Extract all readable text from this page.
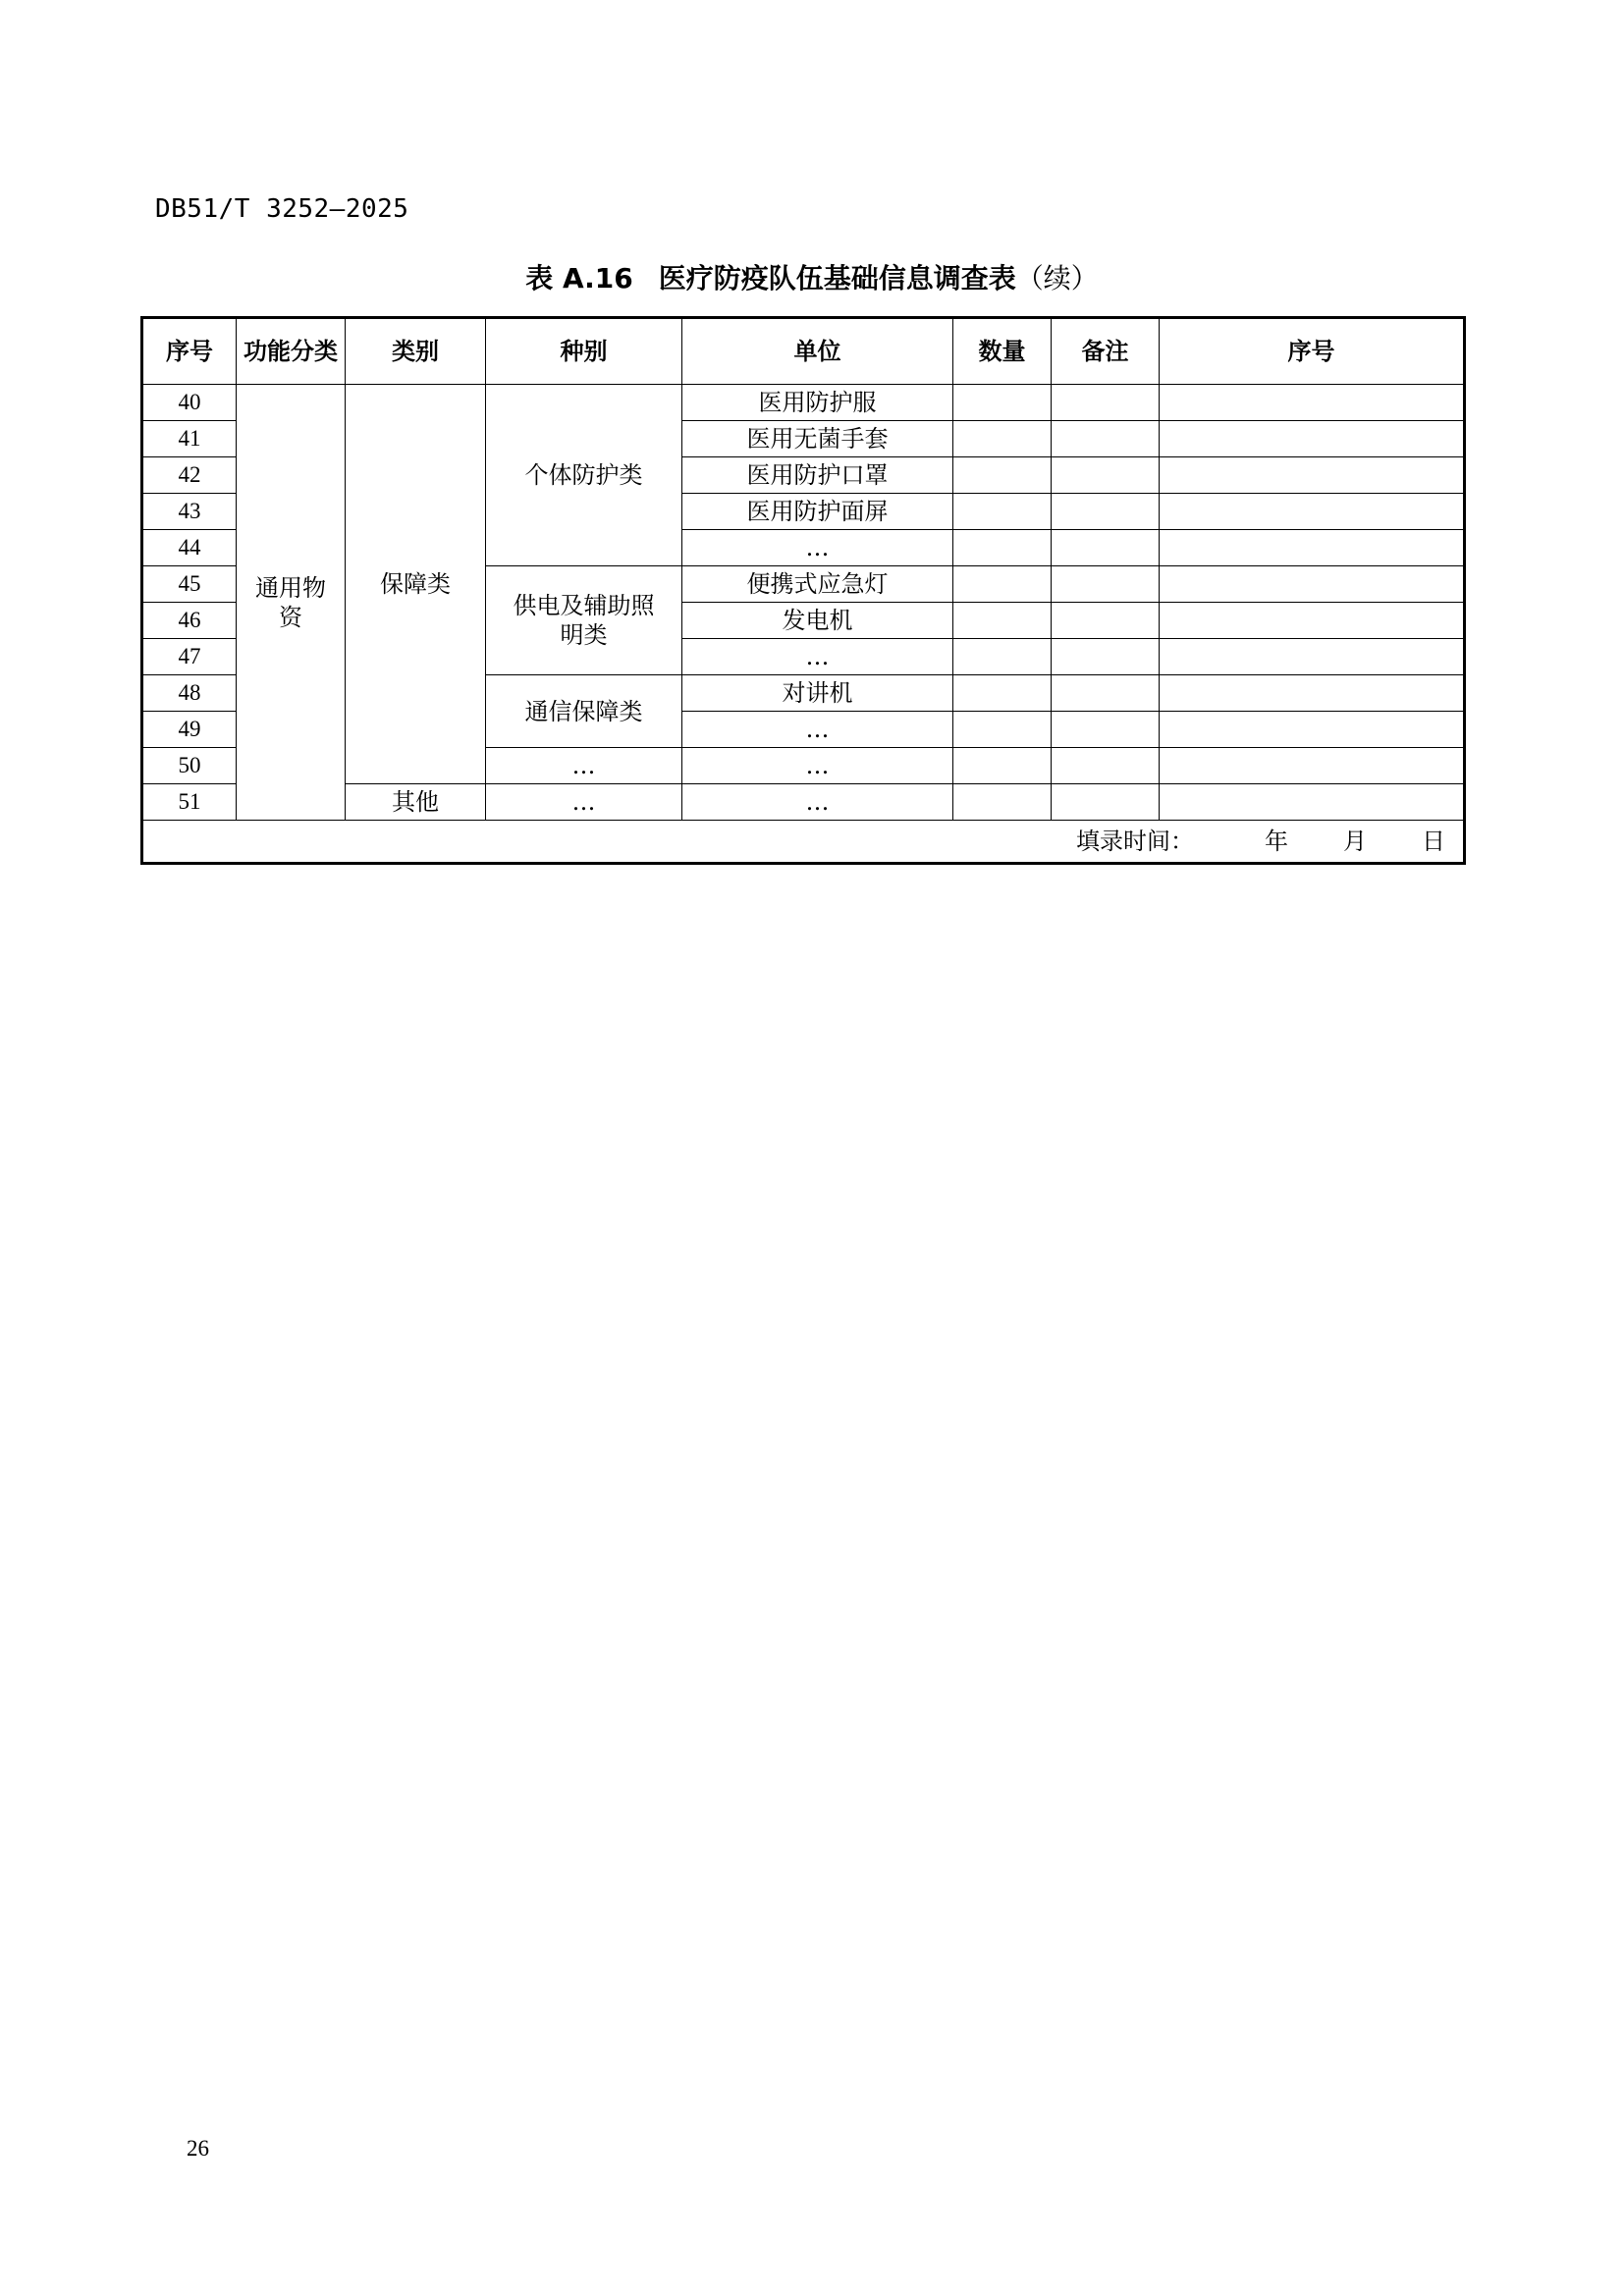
DB51/T 3252—2025
表 A.16 医疗防疫队伍基础信息调查表（续）
序号	功能分类	类别	种别	单位	数量	备注	序号
40	通用物资	保障类	个体防护类	医用防护服			
41				医用无菌手套			
42				医用防护口罩			
43				医用防护面屏			
44				…			
45			供电及辅助照明类	便携式应急灯			
46				发电机			
47				…			
48			通信保障类	对讲机			
49				…			
50			…	…			
51		其他	…	…			
填录时间： 年 月 日							
26
